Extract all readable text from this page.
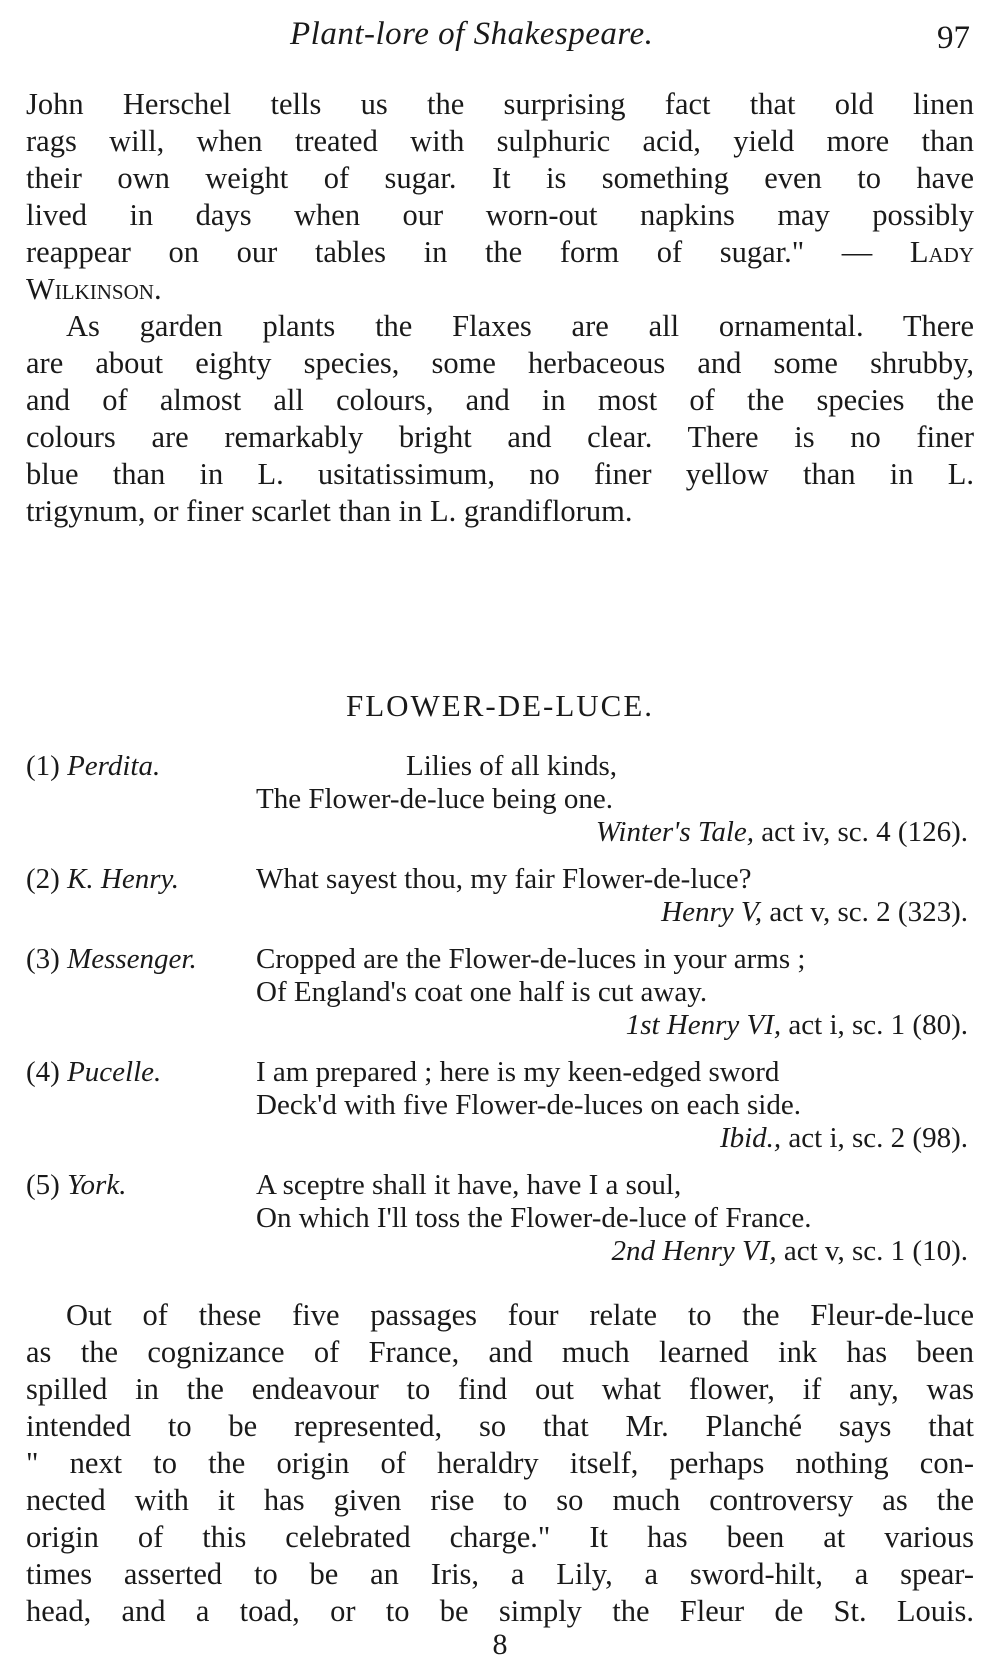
Plant-lore of Shakespeare.	97
John Herschel tells us the surprising fact that old linen
rags will, when treated with sulphuric acid, yield more than
their own weight of sugar. It is something even to have
lived in days when our worn-out napkins may possibly
reappear on our tables in the form of sugar." — Lady
Wilkinson.
As garden plants the Flaxes are all ornamental. There
are about eighty species, some herbaceous and some shrubby,
and of almost all colours, and in most of the species the
colours are remarkably bright and clear. There is no finer
blue than in L. usitatissimum, no finer yellow than in L.
trigynum, or finer scarlet than in L. grandiflorum.
FLOWER-DE-LUCE.
(1) Perdita.	Lilies of all kinds,
The Flower-de-luce being one.
Winter's Tale, act iv, sc. 4 (126).
(2) K. Henry.	What sayest thou, my fair Flower-de-luce?
Henry V, act v, sc. 2 (323).
(3) Messenger. Cropped are the Flower-de-luces in your arms ;
Of England's coat one half is cut away.
1st Henry VI, act i, sc. 1 (80).
(4) Pucelle.	I am prepared ; here is my keen-edged sword
Deck'd with five Flower-de-luces on each side.
Ibid., act i, sc. 2 (98).
(5) York.	A sceptre shall it have, have I a soul,
On which I'll toss the Flower-de-luce of France.
2nd Henry VI, act v, sc. 1 (10).
Out of these five passages four relate to the Fleur-de-luce
as the cognizance of France, and much learned ink has been
spilled in the endeavour to find out what flower, if any, was
intended to be represented, so that Mr. Planché says that
" next to the origin of heraldry itself, perhaps nothing con-
nected with it has given rise to so much controversy as the
origin of this celebrated charge." It has been at various
times asserted to be an Iris, a Lily, a sword-hilt, a spear-
head, and a toad, or to be simply the Fleur de St. Louis.
8
